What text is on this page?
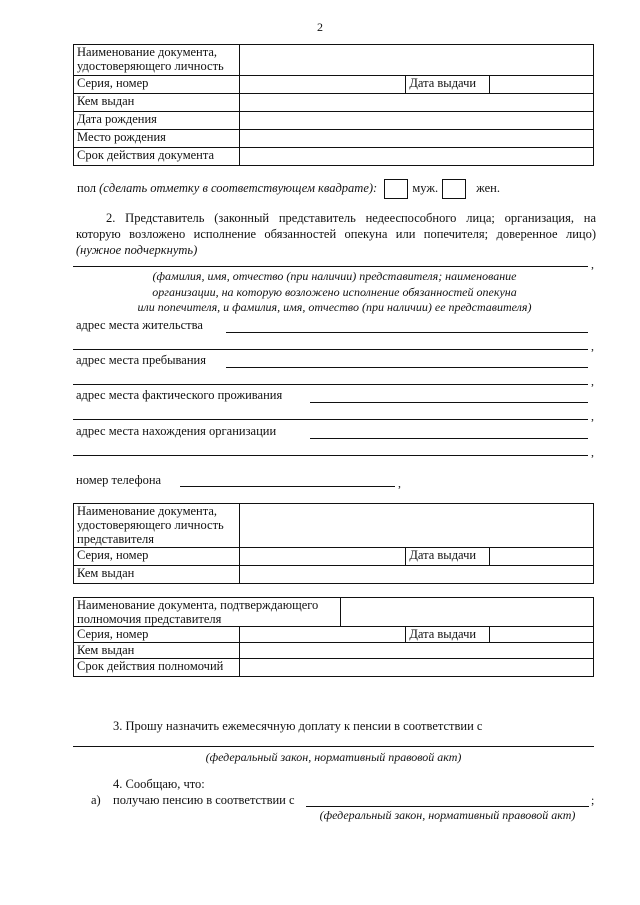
2
Наименование документа, удостоверяющего личность			
Серия, номер		Дата выдачи	
Кем выдан			
Дата рождения			
Место рождения			
Срок действия документа			
пол (сделать отметку в соответствующем квадрате):	муж.	жен.
2. Представитель (законный представитель недееспособного лица; организация, на которую возложено исполнение обязанностей опекуна или попечителя; доверенное лицо) (нужное подчеркнуть)
,
(фамилия, имя, отчество (при наличии) представителя; наименование
организации, на которую возложено исполнение обязанностей опекуна
или попечителя, и фамилия, имя, отчество (при наличии) ее представителя)
адрес места жительства
,
адрес места пребывания
,
адрес места фактического проживания
,
адрес места нахождения организации
,
номер телефона	,
Наименование документа, удостоверяющего личность представителя			
Серия, номер		Дата выдачи	
Кем выдан			
Наименование документа, подтверждающего полномочия представителя				
Серия, номер			Дата выдачи	
Кем выдан				
Срок действия полномочий				
3. Прошу назначить ежемесячную доплату к пенсии в соответствии с
(федеральный закон, нормативный правовой акт)
4. Сообщаю, что:
а) получаю пенсию в соответствии с	;
(федеральный закон, нормативный правовой акт)
